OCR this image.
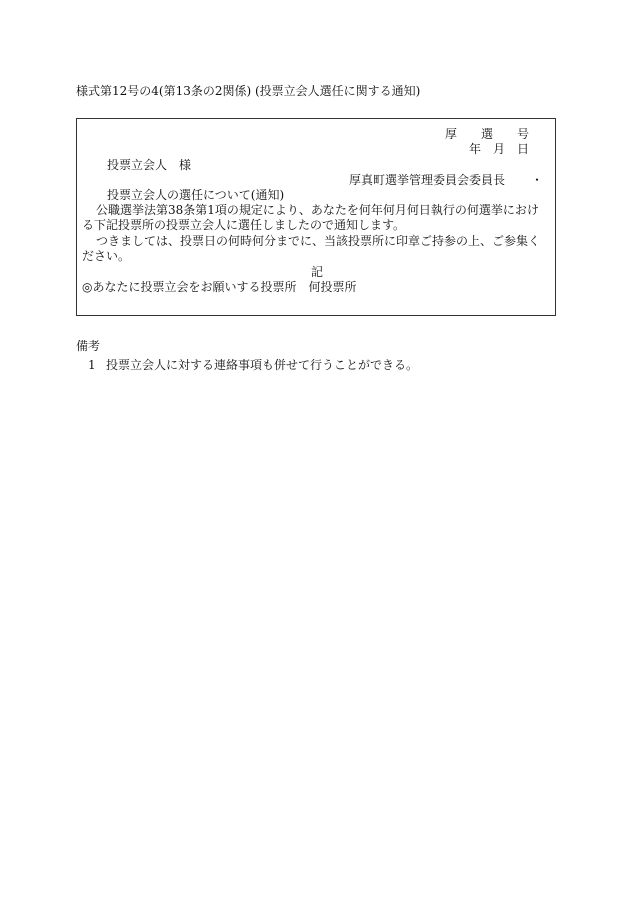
様式第12号の4(第13条の2関係) (投票立会人選任に関する通知)
厚　　選　　号
年　月　日
投票立会人　様
厚真町選挙管理委員会委員長 ・
投票立会人の選任について(通知)
公職選挙法第38条第1項の規定により、あなたを何年何月何日執行の何選挙における下記投票所の投票立会人に選任しましたので通知します。
つきましては、投票日の何時何分までに、当該投票所に印章ご持参の上、ご参集ください。
記
◎あなたに投票立会をお願いする投票所　 何投票所
備考
1 投票立会人に対する連絡事項も併せて行うことができる。
